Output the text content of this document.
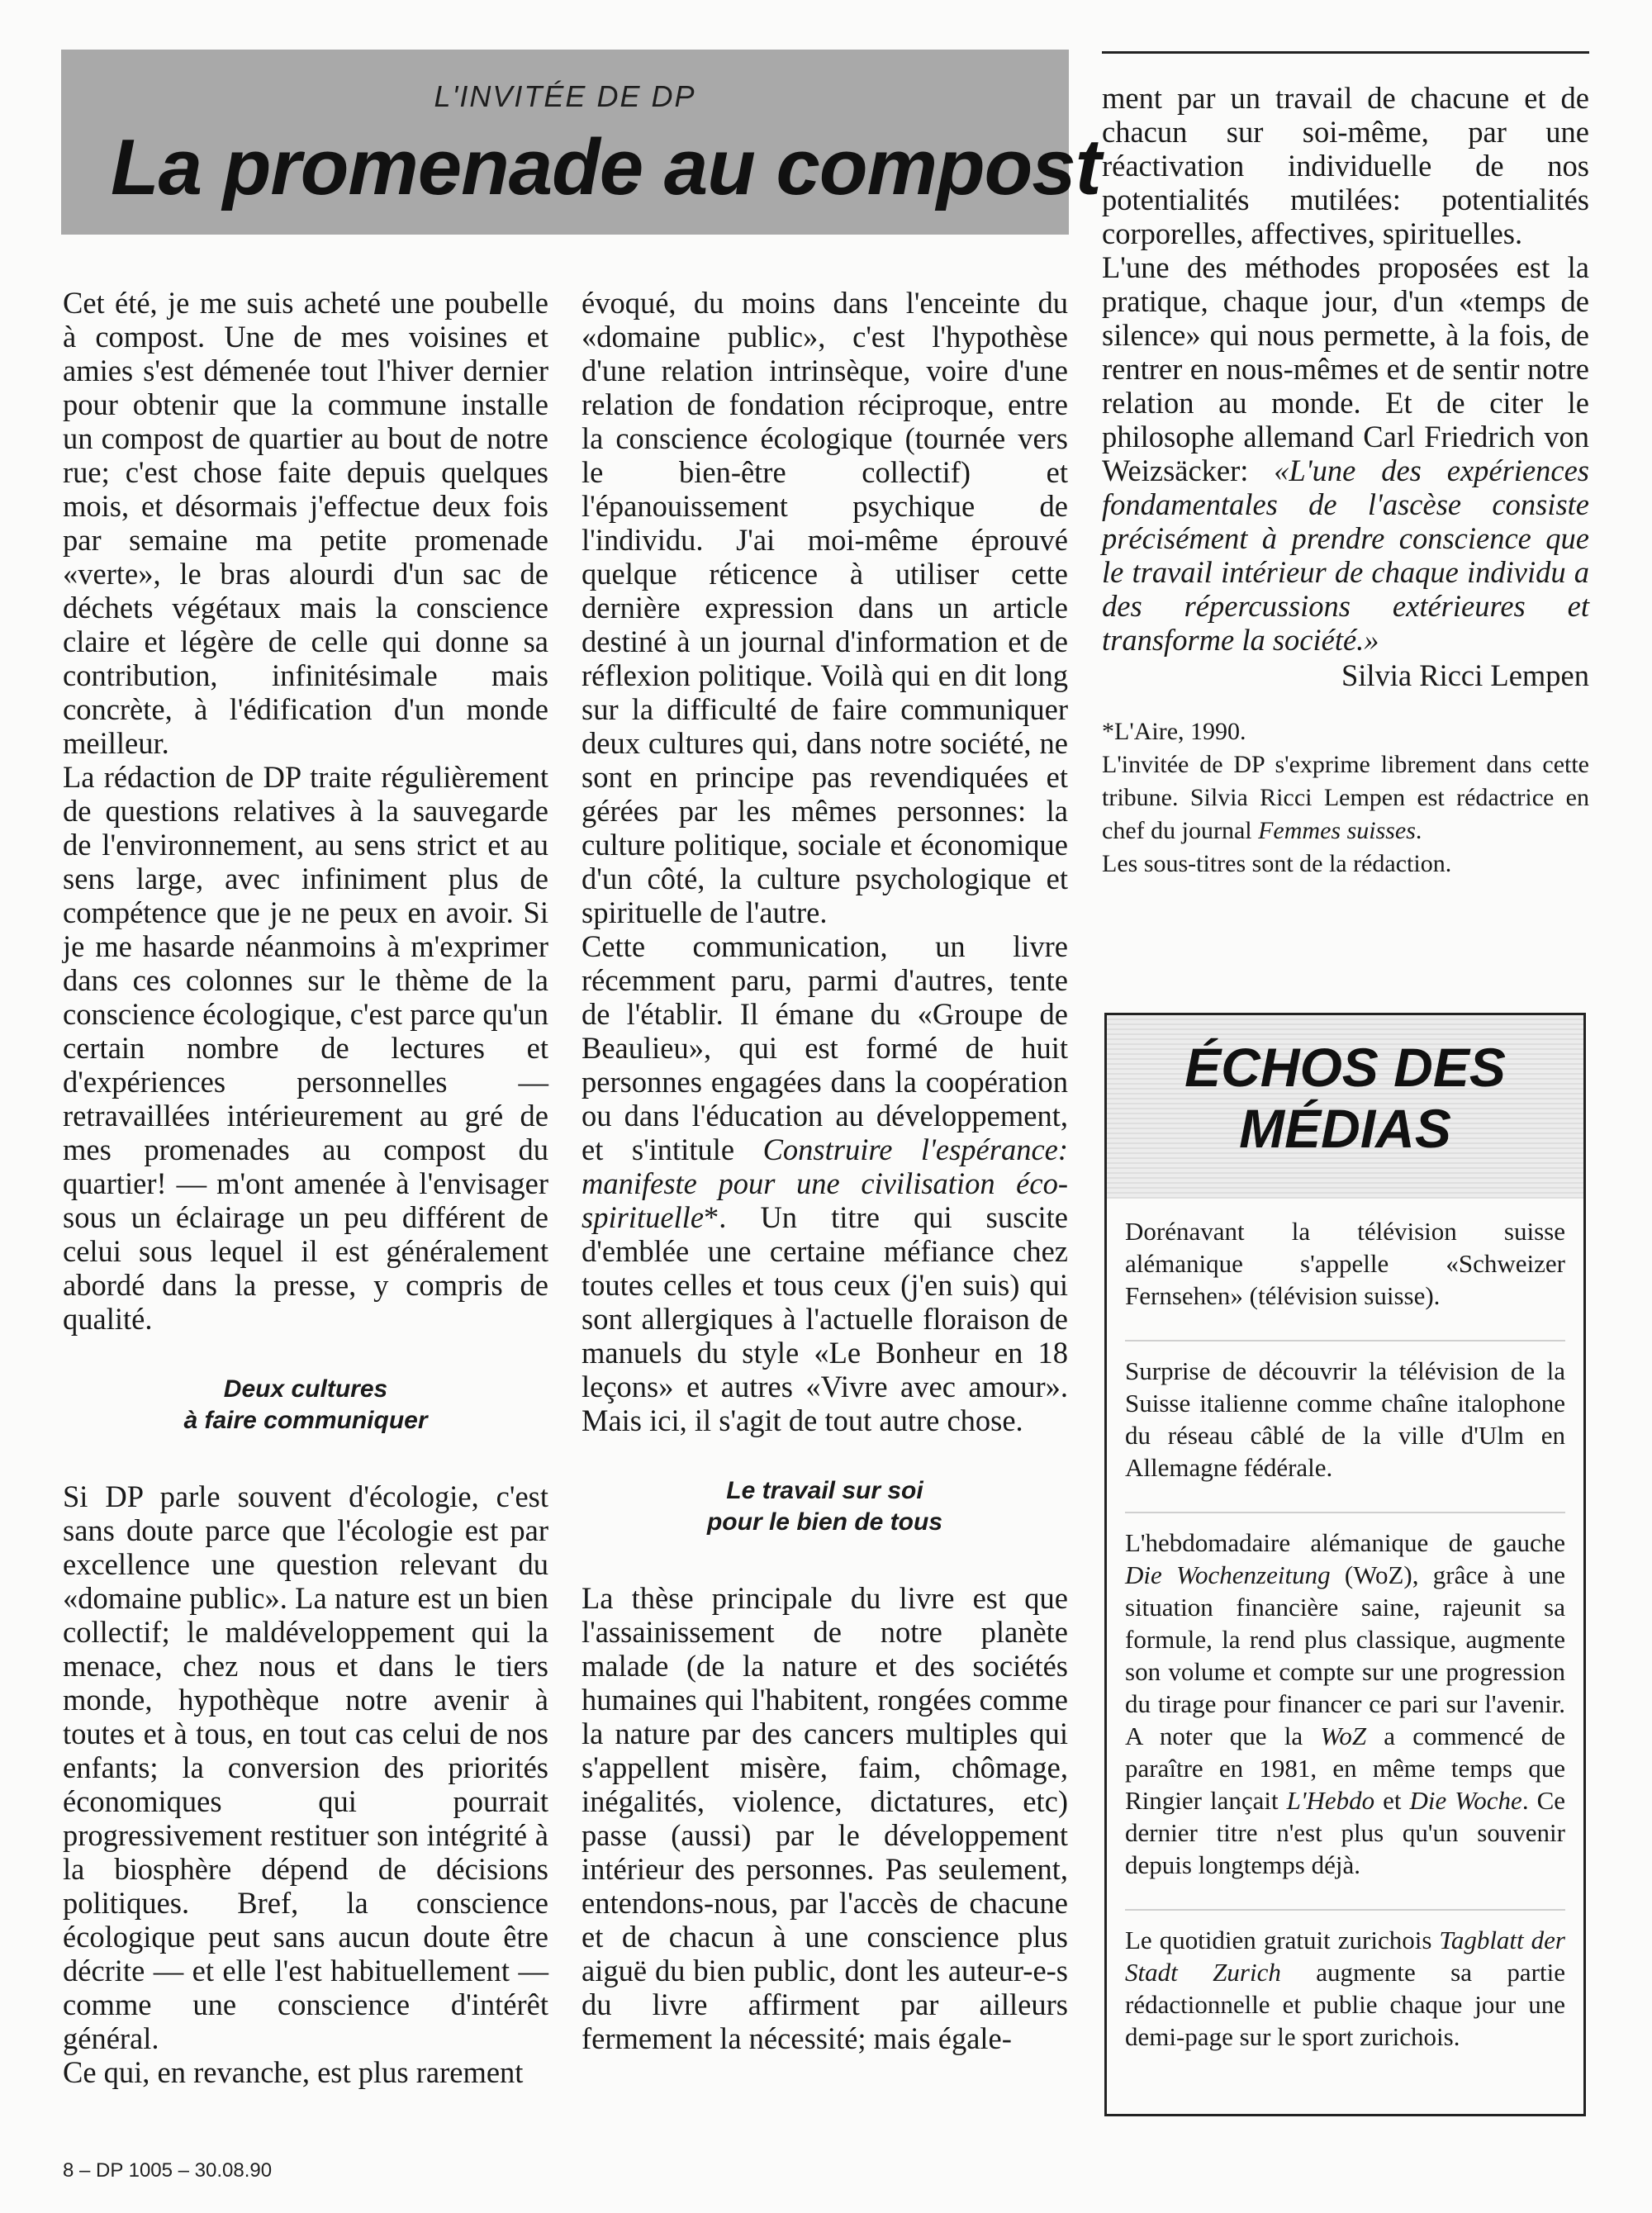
L'INVITÉE DE DP
La promenade au compost

Cet été, je me suis acheté une poubelle à compost. Une de mes voisines et amies s'est démenée tout l'hiver dernier pour obtenir que la commune installe un compost de quartier au bout de notre rue; c'est chose faite depuis quelques mois, et désormais j'effectue deux fois par semaine ma petite promenade «verte», le bras alourdi d'un sac de déchets végétaux mais la conscience claire et légère de celle qui donne sa contribution, infinitésimale mais concrète, à l'édification d'un monde meilleur.

La rédaction de DP traite régulièrement de questions relatives à la sauvegarde de l'environnement, au sens strict et au sens large, avec infiniment plus de compétence que je ne peux en avoir. Si je me hasarde néanmoins à m'exprimer dans ces colonnes sur le thème de la conscience écologique, c'est parce qu'un certain nombre de lectures et d'expériences personnelles — retravaillées intérieurement au gré de mes promenades au compost du quartier! — m'ont amenée à l'envisager sous un éclairage un peu différent de celui sous lequel il est généralement abordé dans la presse, y compris de qualité.

Deux cultures
à faire communiquer

Si DP parle souvent d'écologie, c'est sans doute parce que l'écologie est par excellence une question relevant du «domaine public». La nature est un bien collectif; le maldéveloppement qui la menace, chez nous et dans le tiers monde, hypothèque notre avenir à toutes et à tous, en tout cas celui de nos enfants; la conversion des priorités économiques qui pourrait progressivement restituer son intégrité à la biosphère dépend de décisions politiques. Bref, la conscience écologique peut sans aucun doute être décrite — et elle l'est habituellement — comme une conscience d'intérêt général.

Ce qui, en revanche, est plus rarement

évoqué, du moins dans l'enceinte du «domaine public», c'est l'hypothèse d'une relation intrinsèque, voire d'une relation de fondation réciproque, entre la conscience écologique (tournée vers le bien-être collectif) et l'épanouissement psychique de l'individu. J'ai moi-même éprouvé quelque réticence à utiliser cette dernière expression dans un article destiné à un journal d'information et de réflexion politique. Voilà qui en dit long sur la difficulté de faire communiquer deux cultures qui, dans notre société, ne sont en principe pas revendiquées et gérées par les mêmes personnes: la culture politique, sociale et économique d'un côté, la culture psychologique et spirituelle de l'autre.

Cette communication, un livre récemment paru, parmi d'autres, tente de l'établir. Il émane du «Groupe de Beaulieu», qui est formé de huit personnes engagées dans la coopération ou dans l'éducation au développement, et s'intitule Construire l'espérance: manifeste pour une civilisation éco-spirituelle*. Un titre qui suscite d'emblée une certaine méfiance chez toutes celles et tous ceux (j'en suis) qui sont allergiques à l'actuelle floraison de manuels du style «Le Bonheur en 18 leçons» et autres «Vivre avec amour». Mais ici, il s'agit de tout autre chose.

Le travail sur soi
pour le bien de tous

La thèse principale du livre est que l'assainissement de notre planète malade (de la nature et des sociétés humaines qui l'habitent, rongées comme la nature par des cancers multiples qui s'appellent misère, faim, chômage, inégalités, violence, dictatures, etc) passe (aussi) par le développement intérieur des personnes. Pas seulement, entendons-nous, par l'accès de chacune et de chacun à une conscience plus aiguë du bien public, dont les auteur-e-s du livre affirment par ailleurs fermement la nécessité; mais égale-

ment par un travail de chacune et de chacun sur soi-même, par une réactivation individuelle de nos potentialités mutilées: potentialités corporelles, affectives, spirituelles.

L'une des méthodes proposées est la pratique, chaque jour, d'un «temps de silence» qui nous permette, à la fois, de rentrer en nous-mêmes et de sentir notre relation au monde. Et de citer le philosophe allemand Carl Friedrich von Weizsäcker: «L'une des expériences fondamentales de l'ascèse consiste précisément à prendre conscience que le travail intérieur de chaque individu a des répercussions extérieures et transforme la société.»

Silvia Ricci Lempen

*L'Aire, 1990.

L'invitée de DP s'exprime librement dans cette tribune. Silvia Ricci Lempen est rédactrice en chef du journal Femmes suisses.

Les sous-titres sont de la rédaction.

ÉCHOS DES
MÉDIAS

Dorénavant la télévision suisse alémanique s'appelle «Schweizer Fernsehen» (télévision suisse).

Surprise de découvrir la télévision de la Suisse italienne comme chaîne italophone du réseau câblé de la ville d'Ulm en Allemagne fédérale.

L'hebdomadaire alémanique de gauche Die Wochenzeitung (WoZ), grâce à une situation financière saine, rajeunit sa formule, la rend plus classique, augmente son volume et compte sur une progression du tirage pour financer ce pari sur l'avenir. A noter que la WoZ a commencé de paraître en 1981, en même temps que Ringier lançait L'Hebdo et Die Woche. Ce dernier titre n'est plus qu'un souvenir depuis longtemps déjà.

Le quotidien gratuit zurichois Tagblatt der Stadt Zurich augmente sa partie rédactionnelle et publie chaque jour une demi-page sur le sport zurichois.

8 – DP 1005 – 30.08.90
